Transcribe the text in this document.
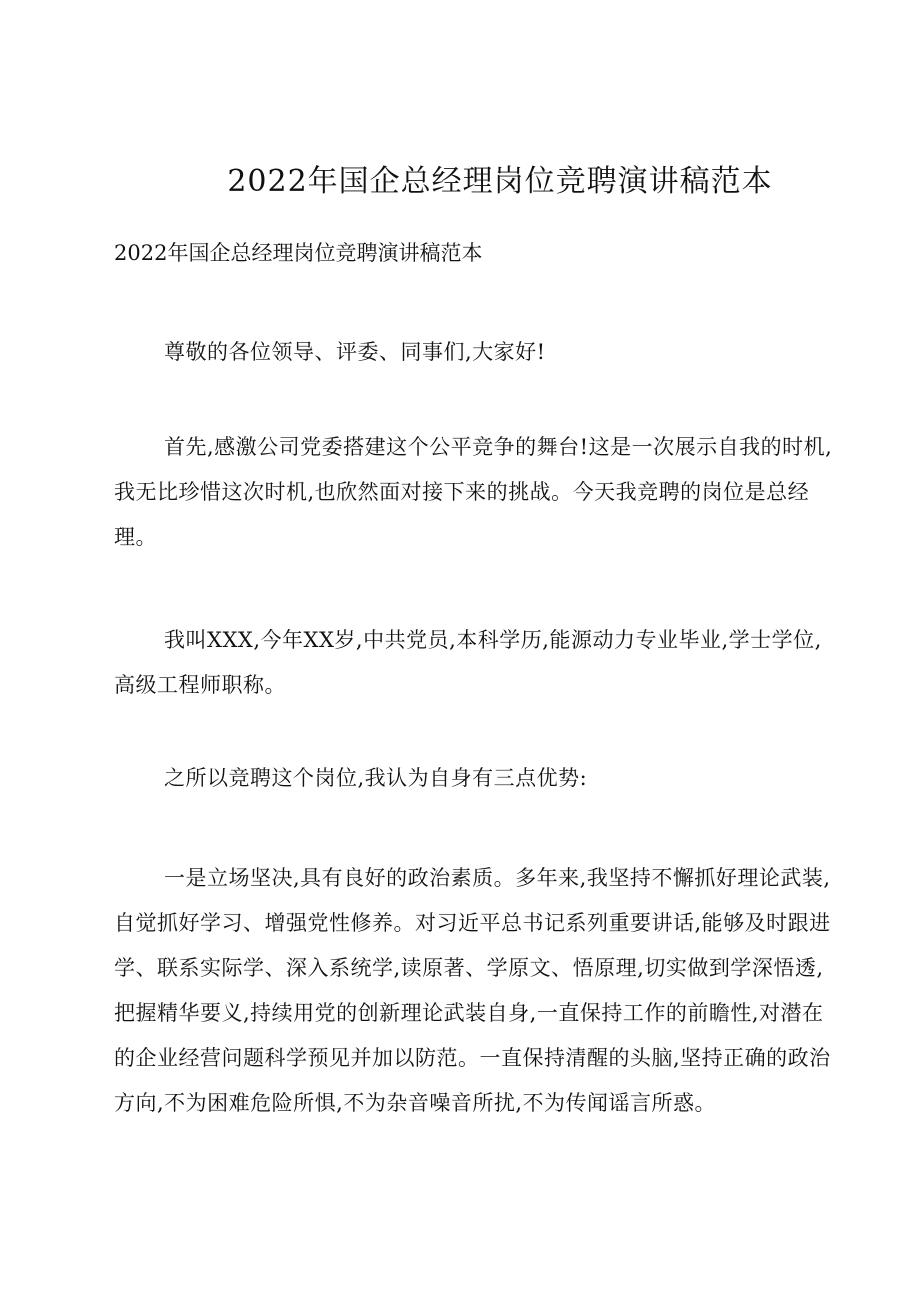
2022年国企总经理岗位竞聘演讲稿范本

2022年国企总经理岗位竞聘演讲稿范本

尊敬的各位领导、评委、同事们,大家好!

首先,感激公司党委搭建这个公平竞争的舞台!这是一次展示自我的时机,我无比珍惜这次时机,也欣然面对接下来的挑战。今天我竞聘的岗位是总经理。

我叫XXX,今年XX岁,中共党员,本科学历,能源动力专业毕业,学士学位,高级工程师职称。

之所以竞聘这个岗位,我认为自身有三点优势:

一是立场坚决,具有良好的政治素质。多年来,我坚持不懈抓好理论武装,自觉抓好学习、增强党性修养。对习近平总书记系列重要讲话,能够及时跟进学、联系实际学、深入系统学,读原著、学原文、悟原理,切实做到学深悟透,把握精华要义,持续用党的创新理论武装自身,一直保持工作的前瞻性,对潜在的企业经营问题科学预见并加以防范。一直保持清醒的头脑,坚持正确的政治方向,不为困难危险所惧,不为杂音噪音所扰,不为传闻谣言所惑。
